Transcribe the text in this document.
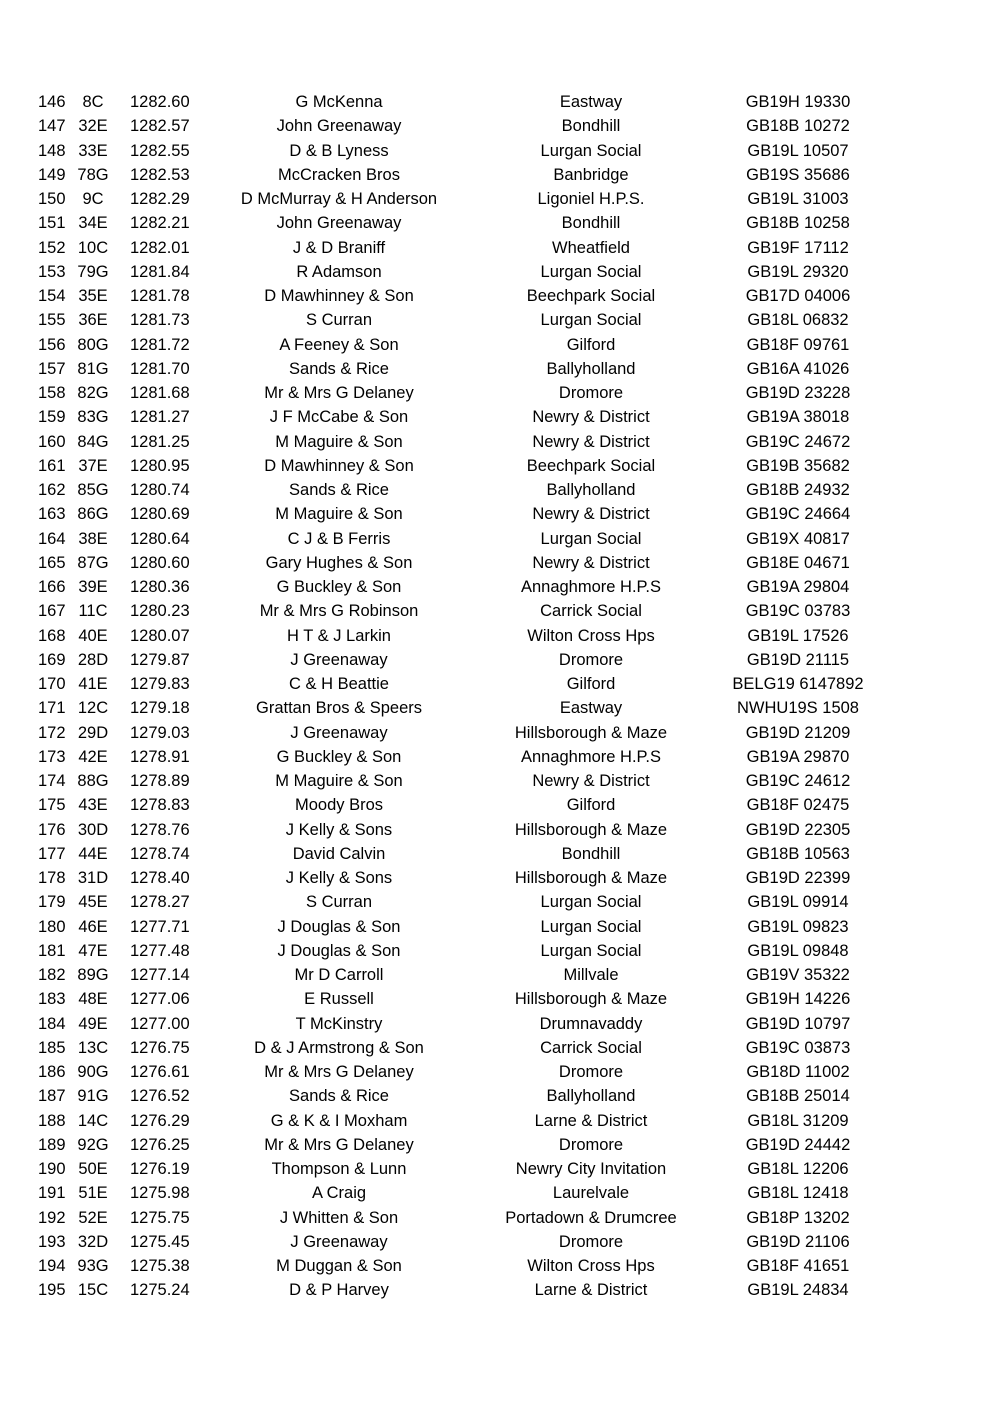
146	8C	1282.60	G McKenna	Eastway	GB19H 19330
147 32E	1282.57	John Greenaway	Bondhill	GB18B 10272
148 33E	1282.55	D & B Lyness	Lurgan Social	GB19L 10507
149 78G	1282.53	McCracken Bros	Banbridge	GB19S 35686
150	9C	1282.29	D McMurray & H Anderson	Ligoniel H.P.S.	GB19L 31003
151 34E	1282.21	John Greenaway	Bondhill	GB18B 10258
152 10C	1282.01	J & D Braniff	Wheatfield	GB19F 17112
153 79G	1281.84	R Adamson	Lurgan Social	GB19L 29320
154 35E	1281.78	D Mawhinney & Son	Beechpark Social	GB17D 04006
155 36E	1281.73	S Curran	Lurgan Social	GB18L 06832
156 80G	1281.72	A Feeney & Son	Gilford	GB18F 09761
157 81G	1281.70	Sands & Rice	Ballyholland	GB16A 41026
158 82G	1281.68	Mr & Mrs G Delaney	Dromore	GB19D 23228
159 83G	1281.27	J F McCabe & Son	Newry & District	GB19A 38018
160 84G	1281.25	M Maguire & Son	Newry & District	GB19C 24672
161 37E	1280.95	D Mawhinney & Son	Beechpark Social	GB19B 35682
162 85G	1280.74	Sands & Rice	Ballyholland	GB18B 24932
163 86G	1280.69	M Maguire & Son	Newry & District	GB19C 24664
164 38E	1280.64	C J & B Ferris	Lurgan Social	GB19X 40817
165 87G	1280.60	Gary Hughes & Son	Newry & District	GB18E 04671
166 39E	1280.36	G Buckley & Son	Annaghmore H.P.S	GB19A 29804
167 11C	1280.23	Mr & Mrs G Robinson	Carrick Social	GB19C 03783
168 40E	1280.07	H T & J Larkin	Wilton Cross Hps	GB19L 17526
169 28D	1279.87	J Greenaway	Dromore	GB19D 21115
170 41E	1279.83	C & H Beattie	Gilford	BELG19 6147892
171 12C	1279.18	Grattan Bros & Speers	Eastway	NWHU19S 1508
172 29D	1279.03	J Greenaway	Hillsborough & Maze	GB19D 21209
173 42E	1278.91	G Buckley & Son	Annaghmore H.P.S	GB19A 29870
174 88G	1278.89	M Maguire & Son	Newry & District	GB19C 24612
175 43E	1278.83	Moody Bros	Gilford	GB18F 02475
176 30D	1278.76	J Kelly & Sons	Hillsborough & Maze	GB19D 22305
177 44E	1278.74	David Calvin	Bondhill	GB18B 10563
178 31D	1278.40	J Kelly & Sons	Hillsborough & Maze	GB19D 22399
179 45E	1278.27	S Curran	Lurgan Social	GB19L 09914
180 46E	1277.71	J Douglas & Son	Lurgan Social	GB19L 09823
181 47E	1277.48	J Douglas & Son	Lurgan Social	GB19L 09848
182 89G	1277.14	Mr D Carroll	Millvale	GB19V 35322
183 48E	1277.06	E Russell	Hillsborough & Maze	GB19H 14226
184 49E	1277.00	T McKinstry	Drumnavaddy	GB19D 10797
185 13C	1276.75	D & J Armstrong & Son	Carrick Social	GB19C 03873
186 90G	1276.61	Mr & Mrs G Delaney	Dromore	GB18D 11002
187 91G	1276.52	Sands & Rice	Ballyholland	GB18B 25014
188 14C	1276.29	G & K & I Moxham	Larne & District	GB18L 31209
189 92G	1276.25	Mr & Mrs G Delaney	Dromore	GB19D 24442
190 50E	1276.19	Thompson & Lunn	Newry City Invitation	GB18L 12206
191 51E	1275.98	A Craig	Laurelvale	GB18L 12418
192 52E	1275.75	J Whitten & Son	Portadown & Drumcree	GB18P 13202
193 32D	1275.45	J Greenaway	Dromore	GB19D 21106
194 93G	1275.38	M Duggan & Son	Wilton Cross Hps	GB18F 41651
195 15C	1275.24	D & P Harvey	Larne & District	GB19L 24834
